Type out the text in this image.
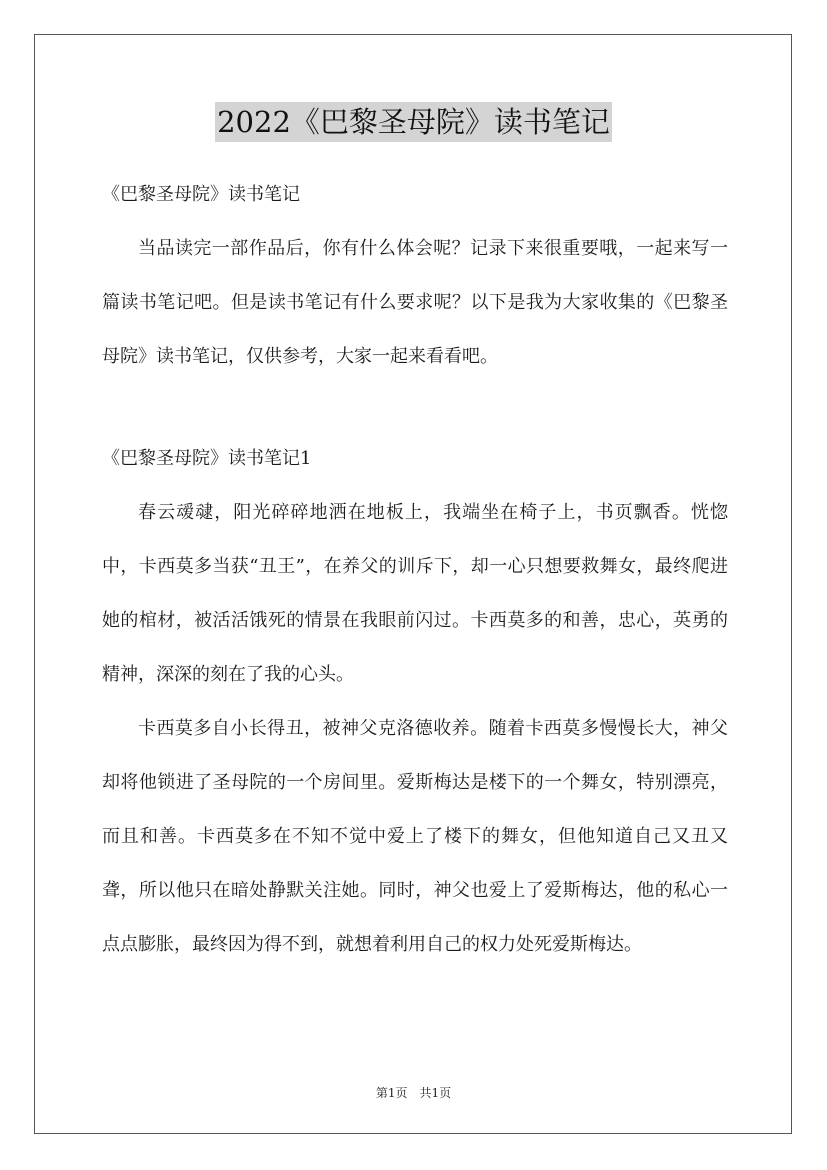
2022《巴黎圣母院》读书笔记

《巴黎圣母院》读书笔记

当品读完一部作品后，你有什么体会呢？记录下来很重要哦，一起来写一篇读书笔记吧。但是读书笔记有什么要求呢？以下是我为大家收集的《巴黎圣母院》读书笔记，仅供参考，大家一起来看看吧。

《巴黎圣母院》读书笔记1

春云叆叇，阳光碎碎地洒在地板上，我端坐在椅子上，书页飘香。恍惚中，卡西莫多当获“丑王”，在养父的训斥下，却一心只想要救舞女，最终爬进她的棺材，被活活饿死的情景在我眼前闪过。卡西莫多的和善，忠心，英勇的精神，深深的刻在了我的心头。

卡西莫多自小长得丑，被神父克洛德收养。随着卡西莫多慢慢长大，神父却将他锁进了圣母院的一个房间里。爱斯梅达是楼下的一个舞女，特别漂亮，而且和善。卡西莫多在不知不觉中爱上了楼下的舞女，但他知道自己又丑又聋，所以他只在暗处静默关注她。同时，神父也爱上了爱斯梅达，他的私心一点点膨胀，最终因为得不到，就想着利用自己的权力处死爱斯梅达。

第1页　共1页
